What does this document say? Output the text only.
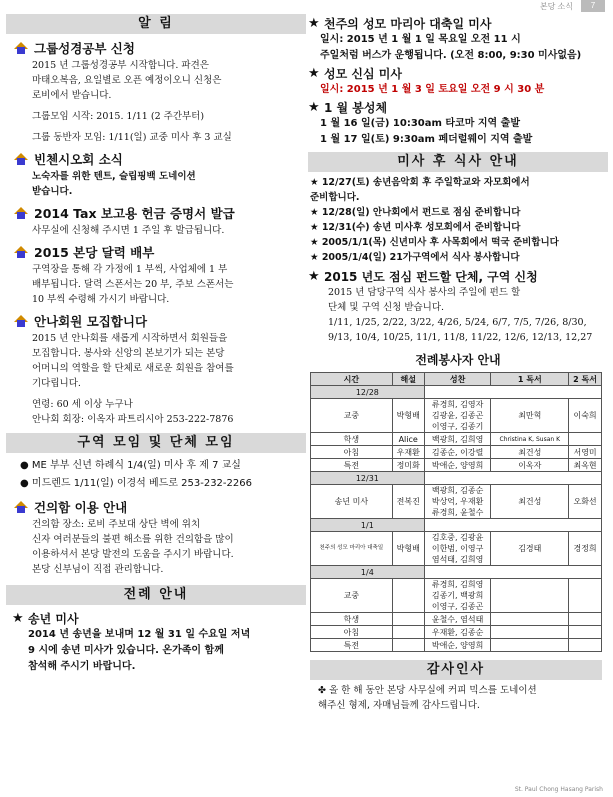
본당 소식	7
알 림
그룹성경공부 신청
2015 년 그룹성경공부 시작합니다. 파견은
마태오복음, 요일별로 오픈 예정이오니 신청은
로비에서 받습니다.

그룹모임 시작: 2015. 1/11 (2 주간부터)

그룹 동반자 모임: 1/11(일) 교중 미사 후 3 교실
빈첸시오회 소식
노숙자를 위한 텐트, 슬립핑백 도네이션
받습니다.
2014 Tax 보고용 헌금 증명서 발급
사무실에 신청해 주시면 1 주일 후 발급됩니다.
2015 본당 달력 배부
구역장을 통해 각 가정에 1 부씩, 사업체에 1 부
배부됩니다. 달력 스폰서는 20 부, 주보 스폰서는
10 부씩 수령해 가시기 바랍니다.
안나회원 모집합니다
2015 년 안나회를 새롭게 시작하면서 회원들을
모집합니다. 봉사와 신앙의 본보기가 되는 본당
어머니의 역할을 할 단체로 새로운 회원을 참여를
기다립니다.

연령: 60 세 이상 누구나
안나회 회장: 이옥자 파트리시아 253-222-7876
구역 모임 및 단체 모임
● ME 부부 신년 하례식 1/4(일) 미사 후 제 7 교실
● 미드렌드 1/11(일) 이경석 베드로 253-232-2266
건의함 이용 안내
건의함 장소: 로비 주보대 상단 벽에 위치
신자 여러분들의 불편 해소를 위한 건의함을 많이
이용하셔서 본당 발전의 도움을 주시기 바랍니다.
본당 신부님이 직접 관리합니다.
전례 안내
★ 송년 미사
2014 년 송년을 보내며 12 월 31 일 수요일 저녁
9 시에 송년 미사가 있습니다. 온가족이 함께
참석해 주시기 바랍니다.
★ 천주의 성모 마리아 대축일 미사
일시: 2015 년 1 월 1 일 목요일 오전 11 시
주일처럼 버스가 운행됩니다. (오전 8:00, 9:30 미사없음)
★ 성모 신심 미사
일시: 2015 년 1 월 3 일 토요일 오전 9 시 30 분
★ 1 월 봉성체
1 월 16 일(금) 10:30am 타코마 지역 출발
1 월 17 일(토) 9:30am 페더럴웨이 지역 출발
미사 후 식사 안내
★ 12/27(토) 송년음악회 후 주일학교와 자모회에서
준비합니다.
★ 12/28(일) 안나회에서 펀드로 점심 준비합니다
★ 12/31(수) 송년 미사후 성모회에서 준비합니다
★ 2005/1/1(목) 신년미사 후 사목회에서 떡국 준비합니다
★ 2005/1/4(일) 21가구역에서 식사 봉사합니다
★ 2015 년도 점심 펀드할 단체, 구역 신청
2015 년 담당구역 식사 봉사의 주일에 펀드 할
단체 및 구역 신청 받습니다.
1/11, 1/25, 2/22, 3/22, 4/26, 5/24, 6/7, 7/5, 7/26, 8/30,
9/13, 10/4, 10/25, 11/1, 11/8, 11/22, 12/6, 12/13, 12,27
전례봉사자 안내
시간	해설	성찬	1 독서	2 독서
12/28				
교중	박형배	류경희, 김영자
김광윤, 김종곤
이영구, 김종기	최만혁	이숙희
학생	Alice	백광희, 김희영	Christina K, Susan K	
아침	우재환	김종순, 이강렬	최건성	서영미
특전	정미화	박애순, 양영희	이옥자	최옥현
12/31				
송년 미사	전복진	백광희, 김종순
박상억, 우재환
류경희, 윤철수	최건성	오화선
1/1				
천주의 성모 마리아 대축일	박형배	김호중, 김광윤
이한범, 이영구
염석태, 김희영	김경태	경정희
1/4				
교중		류경희, 김희영
김종기, 백광희
이영구, 김종곤		

학생		윤철수, 염석태		

아침		우재환, 김종순		

특전		박애순, 양영희		

감사인사
✤ 올 한 해 동안 본당 사무실에 커피 믹스를 도네이션
해주신 형제, 자매님들께 감사드립니다.
St. Paul Chong Hasang Parish
